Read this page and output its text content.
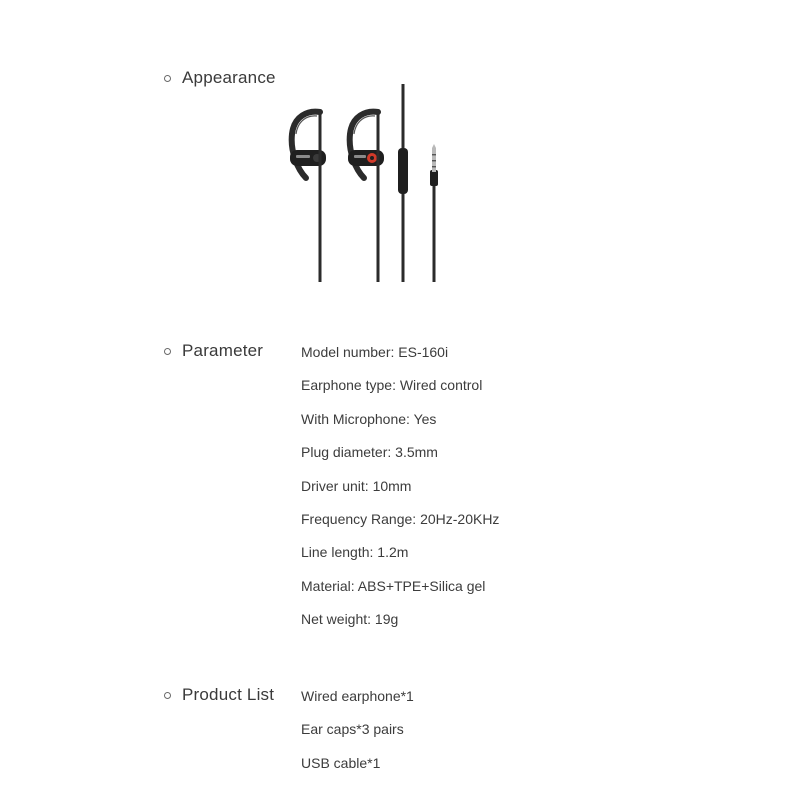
Appearance
Parameter	Model number: ES-160i
Earphone type: Wired control
With Microphone: Yes
Plug diameter: 3.5mm
Driver unit: 10mm
Frequency Range: 20Hz-20KHz
Line length: 1.2m
Material: ABS+TPE+Silica gel
Net weight: 19g
Product List Wired earphone*1
Ear caps*3 pairs
USB cable*1
